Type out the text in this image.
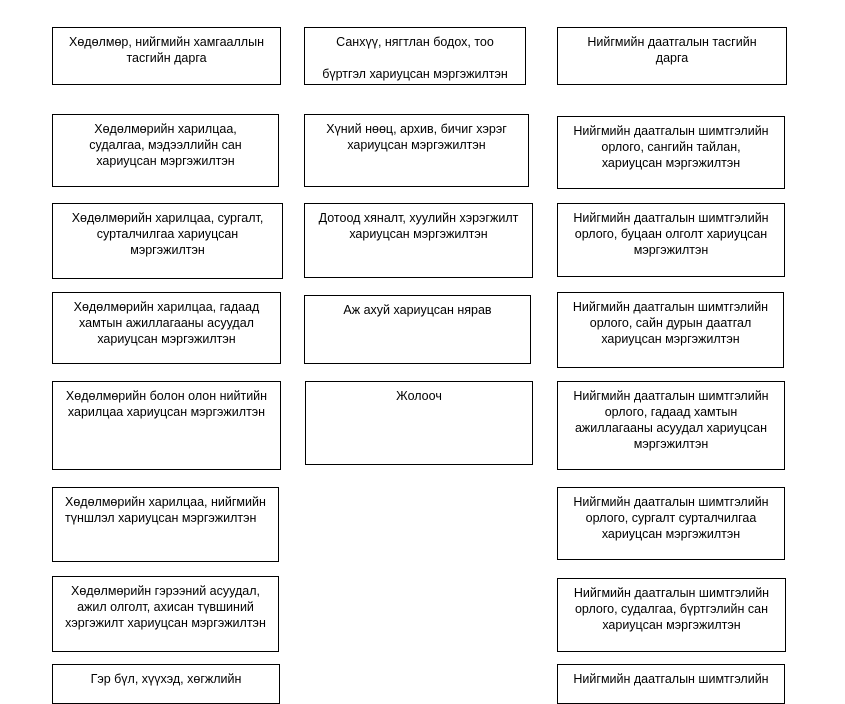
Хөдөлмөр, нийгмийн хамгааллын
тасгийн дарга
Хөдөлмөрийн харилцаа,
судалгаа, мэдээллийн сан
хариуцсан мэргэжилтэн
Хөдөлмөрийн харилцаа, сургалт,
сурталчилгаа хариуцсан
мэргэжилтэн
Хөдөлмөрийн харилцаа, гадаад
хамтын ажиллагааны асуудал
хариуцсан мэргэжилтэн
Хөдөлмөрийн болон олон нийтийн
харилцаа хариуцсан мэргэжилтэн
Хөдөлмөрийн харилцаа, нийгмийн
түншлэл хариуцсан мэргэжилтэн
Хөдөлмөрийн гэрээний асуудал,
ажил олголт, ахисан түвшиний
хэргэжилт хариуцсан мэргэжилтэн
Гэр бүл, хүүхэд, хөгжлийн
Санхүү, нягтлан бодох, тоо

бүртгэл хариуцсан мэргэжилтэн
Хүний нөөц, архив, бичиг хэрэг
хариуцсан мэргэжилтэн
Дотоод хяналт, хуулийн хэрэгжилт
хариуцсан мэргэжилтэн
Аж ахуй хариуцсан нярав
Жолооч
Нийгмийн даатгалын тасгийн
дарга
Нийгмийн даатгалын шимтгэлийн
орлого, сангийн тайлан,
хариуцсан мэргэжилтэн
Нийгмийн даатгалын шимтгэлийн
орлого, буцаан олголт хариуцсан
мэргэжилтэн
Нийгмийн даатгалын шимтгэлийн
орлого, сайн дурын даатгал
хариуцсан мэргэжилтэн
Нийгмийн даатгалын шимтгэлийн
орлого, гадаад хамтын
ажиллагааны асуудал хариуцсан
мэргэжилтэн
Нийгмийн даатгалын шимтгэлийн
орлого, сургалт сурталчилгаа
хариуцсан мэргэжилтэн
Нийгмийн даатгалын шимтгэлийн
орлого, судалгаа, бүртгэлийн сан
хариуцсан мэргэжилтэн
Нийгмийн даатгалын шимтгэлийн
